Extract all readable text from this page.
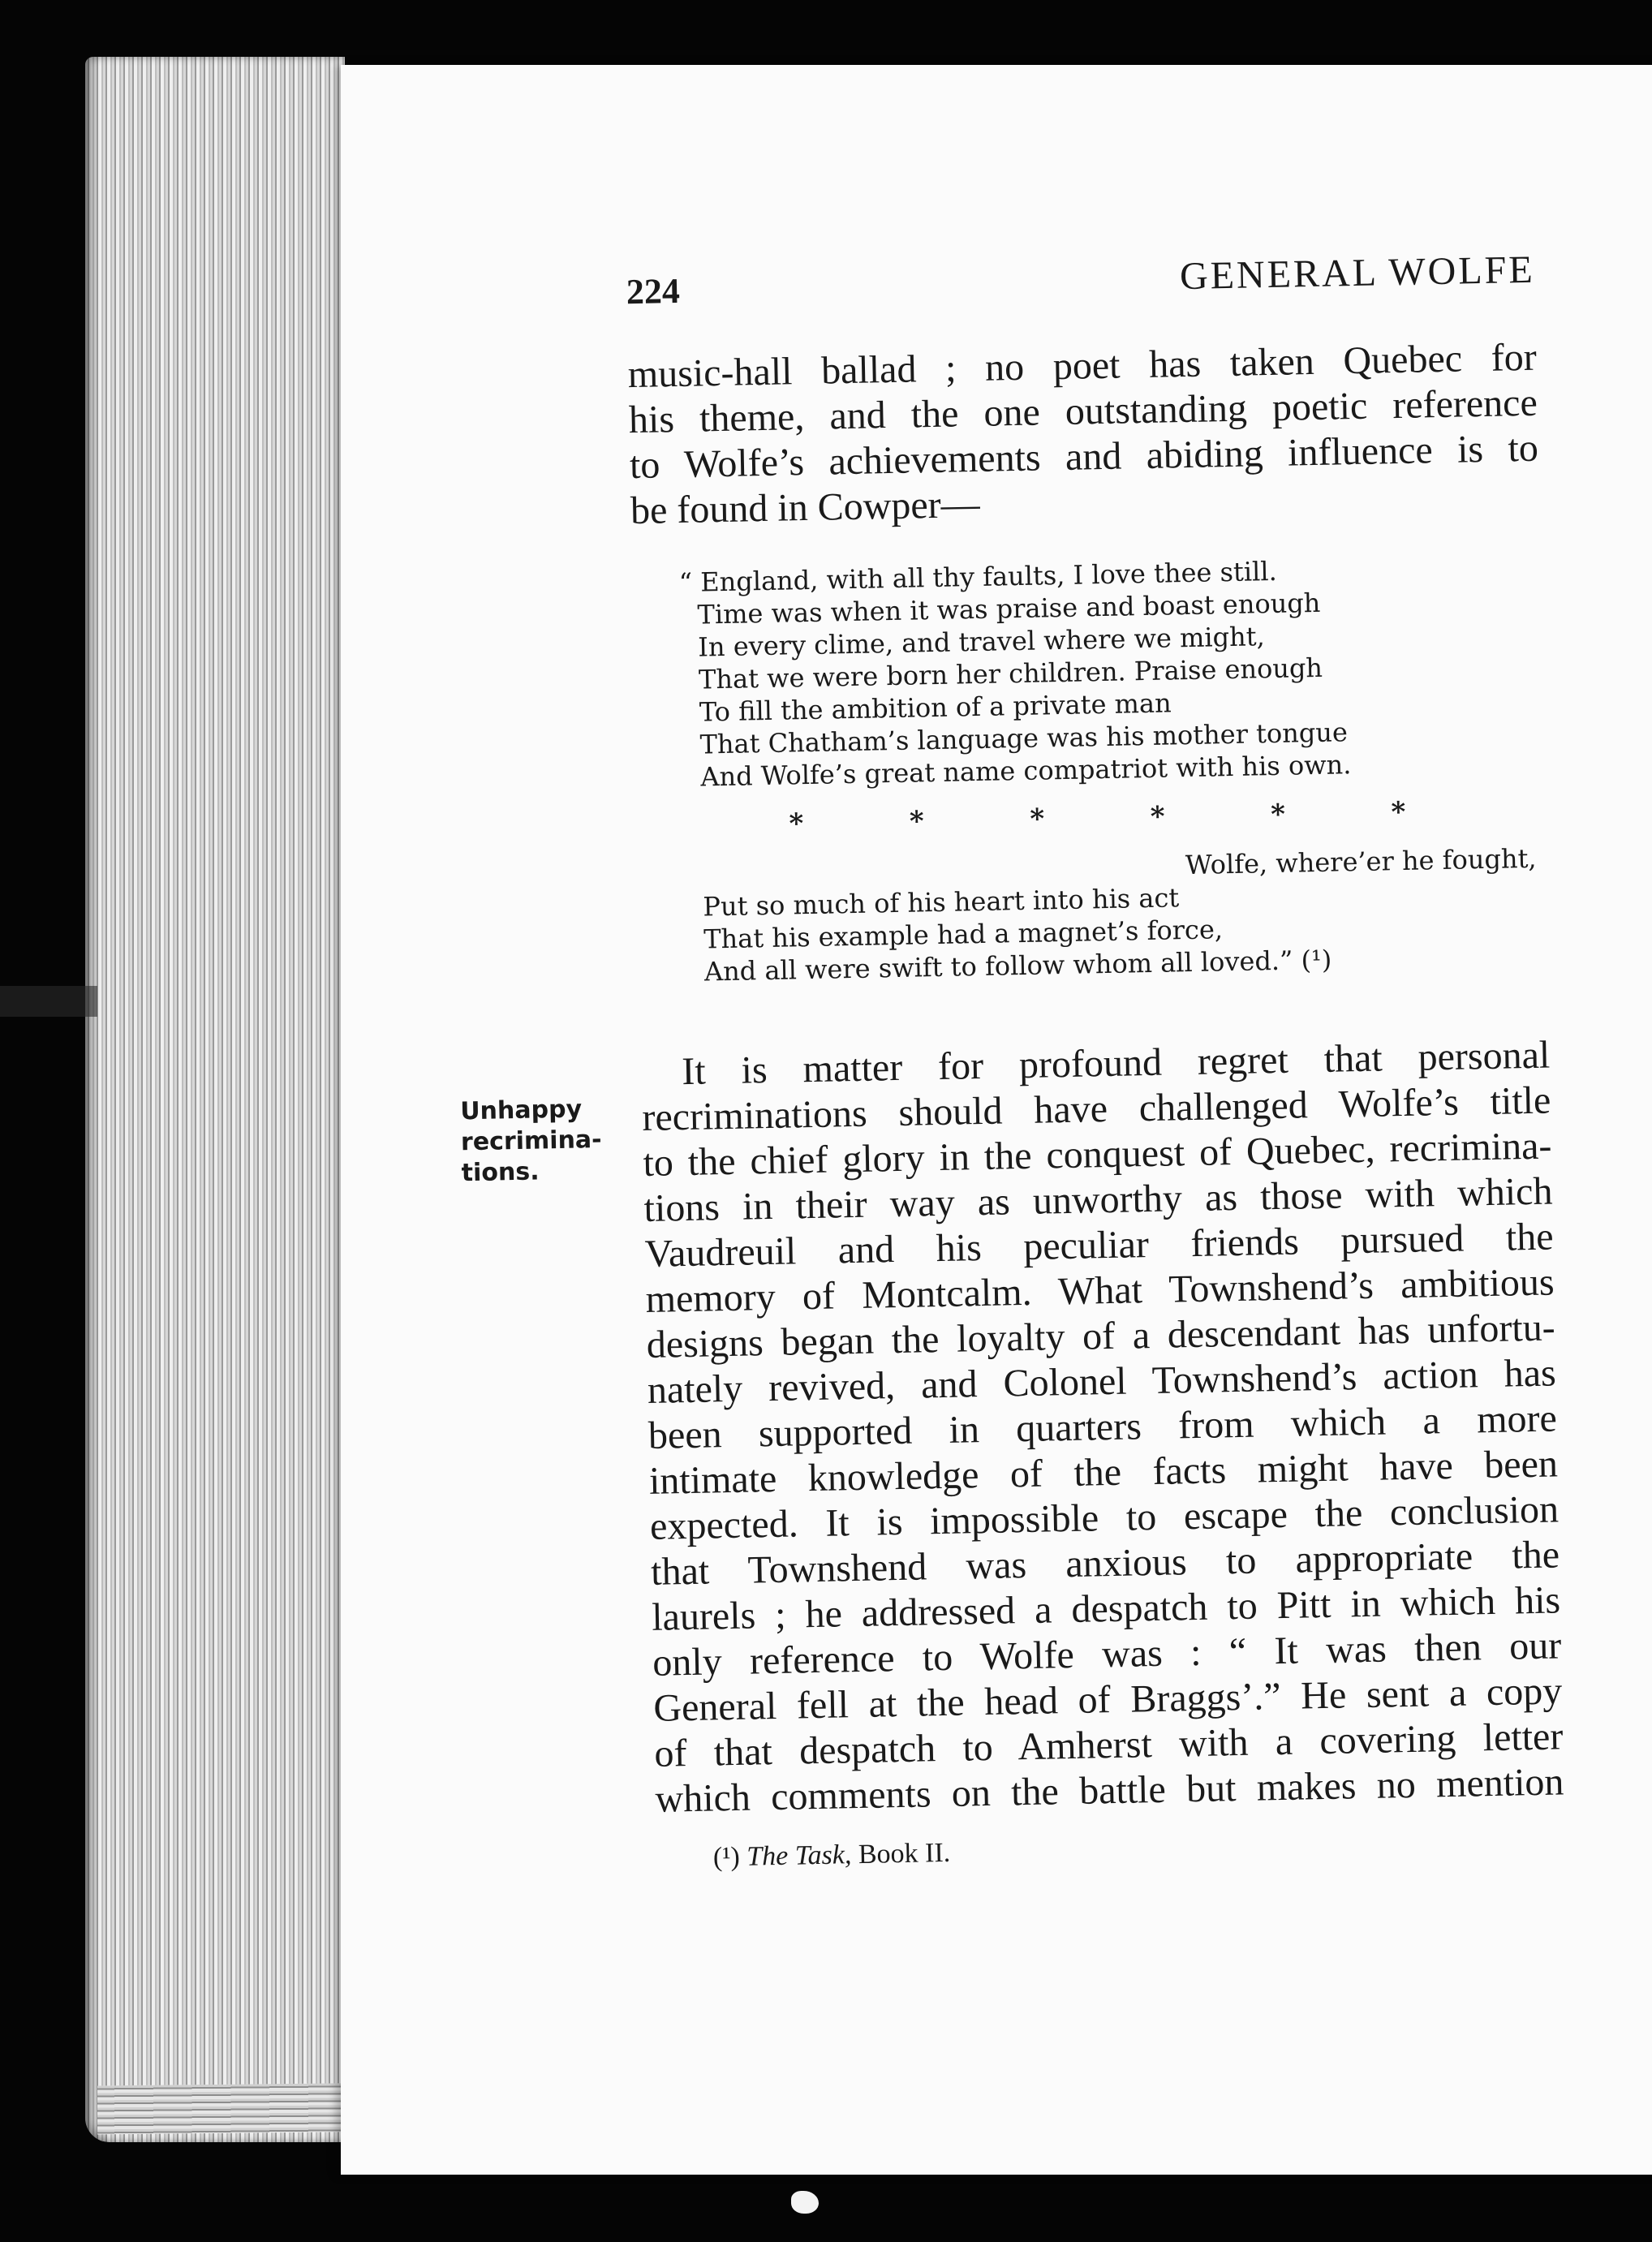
224	GENERAL WOLFE
music-hall ballad ; no poet has taken Quebec for
his theme, and the one outstanding poetic reference
to Wolfe’s achievements and abiding influence is to
be found in Cowper—
“ England, with all thy faults, I love thee still.
Time was when it was praise and boast enough
In every clime, and travel where we might,
That we were born her children. Praise enough
To fill the ambition of a private man
That Chatham’s language was his mother tongue
And Wolfe’s great name compatriot with his own.
*	*	*	*	*	*
Wolfe, where’er he fought,
Put so much of his heart into his act
That his example had a magnet’s force,
And all were swift to follow whom all loved.” (¹)
Unhappy
recrimina-
tions.
It is matter for profound regret that personal
recriminations should have challenged Wolfe’s title
to the chief glory in the conquest of Quebec, recrimina-
tions in their way as unworthy as those with which
Vaudreuil and his peculiar friends pursued the
memory of Montcalm. What Townshend’s ambitious
designs began the loyalty of a descendant has unfortu-
nately revived, and Colonel Townshend’s action has
been supported in quarters from which a more
intimate knowledge of the facts might have been
expected. It is impossible to escape the conclusion
that Townshend was anxious to appropriate the
laurels ; he addressed a despatch to Pitt in which his
only reference to Wolfe was : “ It was then our
General fell at the head of Braggs’.” He sent a copy
of that despatch to Amherst with a covering letter
which comments on the battle but makes no mention
(¹) The Task, Book II.
